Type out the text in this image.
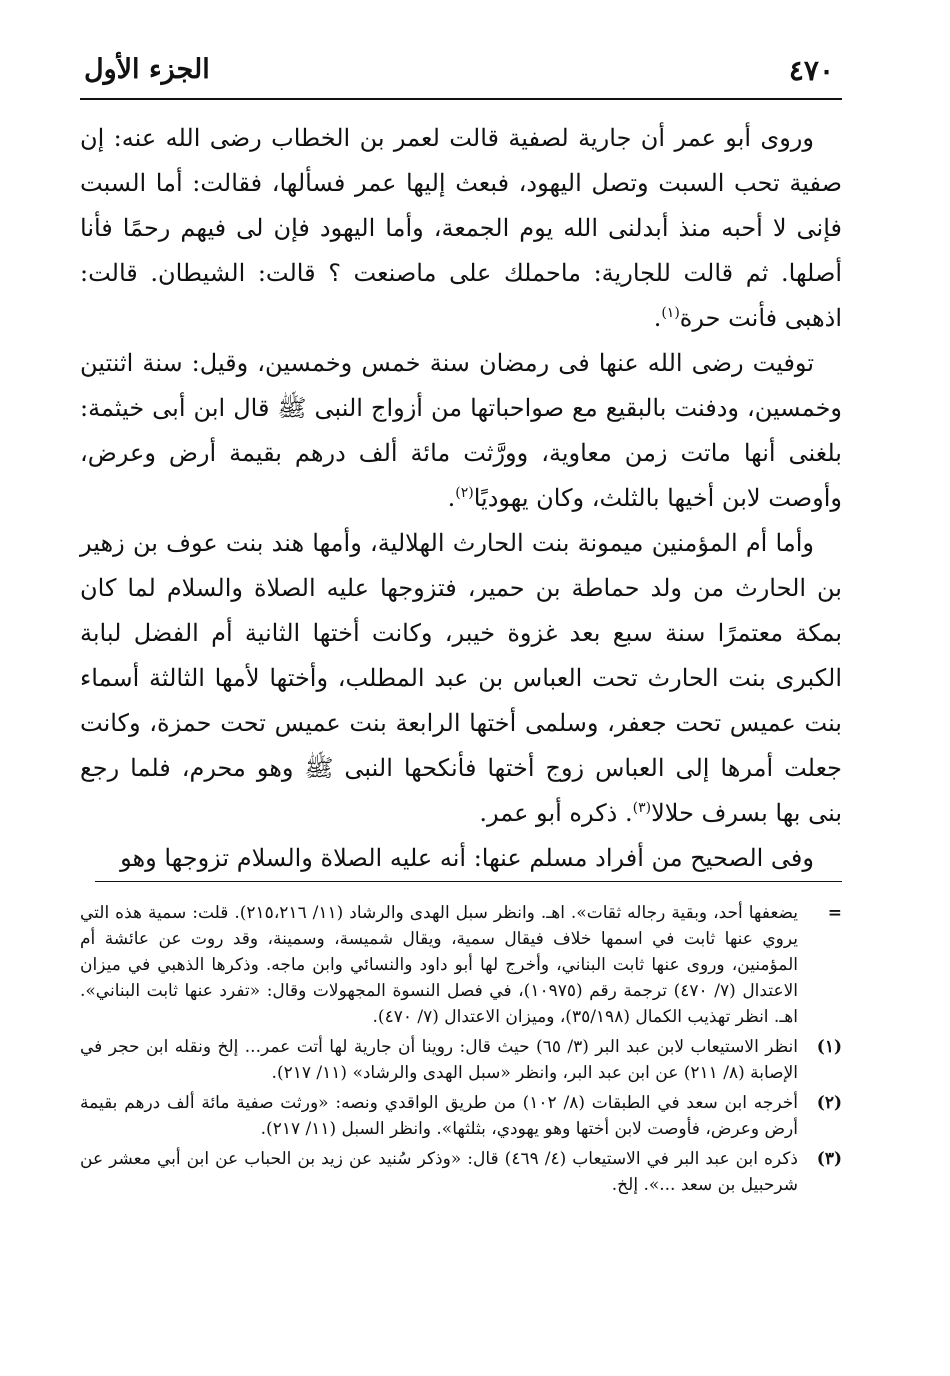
٤٧٠
الجزء الأول

وروى أبو عمر أن جارية لصفية قالت لعمر بن الخطاب رضى الله عنه: إن صفية تحب السبت وتصل اليهود، فبعث إليها عمر فسألها، فقالت: أما السبت فإنى لا أحبه منذ أبدلنى الله يوم الجمعة، وأما اليهود فإن لى فيهم رحمًا فأنا أصلها. ثم قالت للجارية: ماحملك على ماصنعت ؟ قالت: الشيطان. قالت: اذهبى فأنت حرة$^{(١)}$.

توفيت رضى الله عنها فى رمضان سنة خمس وخمسين، وقيل: سنة اثنتين وخمسين، ودفنت بالبقيع مع صواحباتها من أزواج النبى ﷺ قال ابن أبى خيثمة: بلغنى أنها ماتت زمن معاوية، وورَّثت مائة ألف درهم بقيمة أرض وعرض، وأوصت لابن أخيها بالثلث، وكان يهوديًا$^{(٢)}$.

وأما أم المؤمنين ميمونة بنت الحارث الهلالية، وأمها هند بنت عوف بن زهير بن الحارث من ولد حماطة بن حمير، فتزوجها عليه الصلاة والسلام لما كان بمكة معتمرًا سنة سبع بعد غزوة خيبر، وكانت أختها الثانية أم الفضل لبابة الكبرى بنت الحارث تحت العباس بن عبد المطلب، وأختها لأمها الثالثة أسماء بنت عميس تحت جعفر، وسلمى أختها الرابعة بنت عميس تحت حمزة، وكانت جعلت أمرها إلى العباس زوج أختها فأنكحها النبى ﷺ وهو محرم، فلما رجع بنى بها بسرف حلالا$^{(٣)}$. ذكره أبو عمر.

وفى الصحيح من أفراد مسلم عنها: أنه عليه الصلاة والسلام تزوجها وهو

=
يضعفها أحد، وبقية رجاله ثقات». اهـ. وانظر سبل الهدى والرشاد (١١/ ٢١٥،٢١٦). قلت: سمية هذه التي يروي عنها ثابت في اسمها خلاف فيقال سمية، ويقال شميسة، وسمينة، وقد روت عن عائشة أم المؤمنين، وروى عنها ثابت البناني، وأخرج لها أبو داود والنسائي وابن ماجه. وذكرها الذهبي في ميزان الاعتدال (٧/ ٤٧٠) ترجمة رقم (١٠٩٧٥)، في فصل النسوة المجهولات وقال: «تفرد عنها ثابت البناني». اهـ. انظر تهذيب الكمال (٣٥/١٩٨)، وميزان الاعتدال (٧/ ٤٧٠).
(١)
انظر الاستيعاب لابن عبد البر (٣/ ٦٥) حيث قال: روينا أن جارية لها أتت عمر... إلخ ونقله ابن حجر في الإصابة (٨/ ٢١١) عن ابن عبد البر، وانظر «سبل الهدى والرشاد» (١١/ ٢١٧).
(٢)
أخرجه ابن سعد في الطبقات (٨/ ١٠٢) من طريق الواقدي ونصه: «ورثت صفية مائة ألف درهم بقيمة أرض وعرض، فأوصت لابن أختها وهو يهودي، بثلثها». وانظر السبل (١١/ ٢١٧).
(٣)
ذكره ابن عبد البر في الاستيعاب (٤/ ٤٦٩) قال: «وذكر سُنيد عن زيد بن الحباب عن ابن أبي معشر عن شرحبيل بن سعد ...». إلخ.
